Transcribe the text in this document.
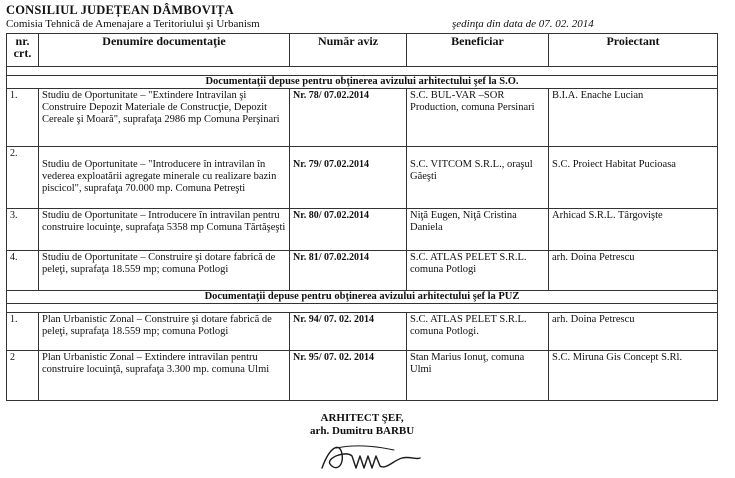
CONSILIUL JUDEȚEAN DÂMBOVIȚA
Comisia Tehnică de Amenajare a Teritoriului şi Urbanism	şedinţa din data de 07. 02. 2014
nr. crt.	Denumire documentaţie	Număr aviz	Beneficiar	Proiectant

Documentaţii depuse pentru obţinerea avizului arhitectului şef la S.O.				
1.	Studiu de Oportunitate – "Extindere Intravilan şi Construire Depozit Materiale de Construcţie, Depozit Cereale şi Moară", suprafaţa 2986 mp Comuna Perşinari	Nr. 78/ 07.02.2014	S.C. BUL-VAR –SOR Production, comuna Persinari	B.I.A. Enache Lucian
2.	Studiu de Oportunitate – "Introducere în intravilan în vederea exploatării agregate minerale cu realizare bazin piscicol", suprafaţa 70.000 mp. Comuna Petreşti	Nr. 79/ 07.02.2014	S.C. VITCOM S.R.L., oraşul Găeşti	S.C. Proiect Habitat Pucioasa
3.	Studiu de Oportunitate – Introducere în intravilan pentru construire locuinţe, suprafaţa 5358 mp Comuna Tărtăşeşti	Nr. 80/ 07.02.2014	Niţă Eugen, Niţă Cristina Daniela	Arhicad S.R.L. Târgovişte
4.	Studiu de Oportunitate – Construire şi dotare fabrică de peleţi, suprafaţa 18.559 mp; comuna Potlogi	Nr. 81/ 07.02.2014	S.C. ATLAS PELET S.R.L. comuna Potlogi	arh. Doina Petrescu
Documentaţii depuse pentru obţinerea avizului arhitectului şef la PUZ				

1.	Plan Urbanistic Zonal – Construire şi dotare fabrică de peleţi, suprafaţa 18.559 mp; comuna Potlogi	Nr. 94/ 07. 02. 2014	S.C. ATLAS PELET S.R.L. comuna Potlogi.	arh. Doina Petrescu
2	Plan Urbanistic Zonal – Extindere intravilan pentru construire locuinţă, suprafaţa 3.300 mp. comuna Ulmi	Nr. 95/ 07. 02. 2014	Stan Marius Ionuţ, comuna Ulmi	S.C. Miruna Gis Concept S.Rl.
ARHITECT ŞEF,
arh. Dumitru BARBU
